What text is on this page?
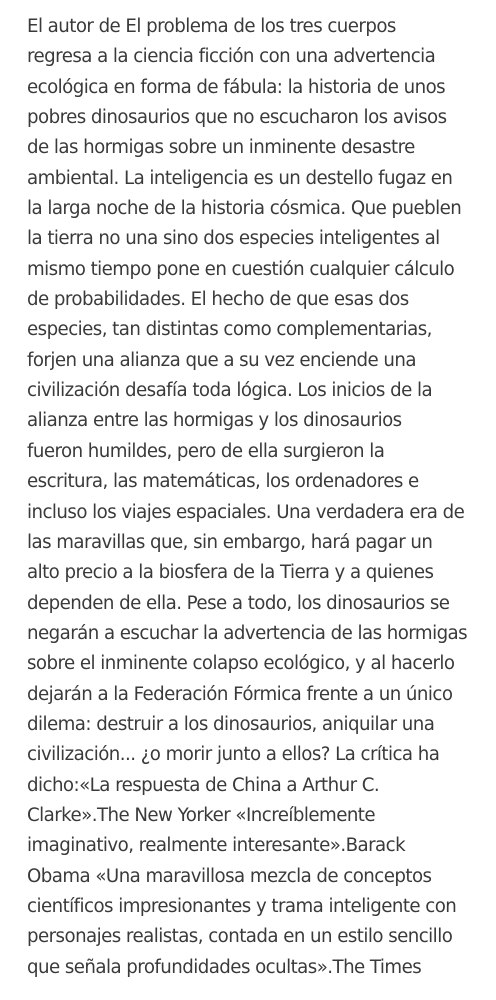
El autor de El problema de los tres cuerpos
regresa a la ciencia ficción con una advertencia
ecológica en forma de fábula: la historia de unos
pobres dinosaurios que no escucharon los avisos
de las hormigas sobre un inminente desastre
ambiental. La inteligencia es un destello fugaz en
la larga noche de la historia cósmica. Que pueblen
la tierra no una sino dos especies inteligentes al
mismo tiempo pone en cuestión cualquier cálculo
de probabilidades. El hecho de que esas dos
especies, tan distintas como complementarias,
forjen una alianza que a su vez enciende una
civilización desafía toda lógica. Los inicios de la
alianza entre las hormigas y los dinosaurios
fueron humildes, pero de ella surgieron la
escritura, las matemáticas, los ordenadores e
incluso los viajes espaciales. Una verdadera era de
las maravillas que, sin embargo, hará pagar un
alto precio a la biosfera de la Tierra y a quienes
dependen de ella. Pese a todo, los dinosaurios se
negarán a escuchar la advertencia de las hormigas
sobre el inminente colapso ecológico, y al hacerlo
dejarán a la Federación Fórmica frente a un único
dilema: destruir a los dinosaurios, aniquilar una
civilización... ¿o morir junto a ellos? La crítica ha
dicho:«La respuesta de China a Arthur C.
Clarke».The New Yorker «Increíblemente
imaginativo, realmente interesante».Barack
Obama «Una maravillosa mezcla de conceptos
científicos impresionantes y trama inteligente con
personajes realistas, contada en un estilo sencillo
que señala profundidades ocultas».The Times
